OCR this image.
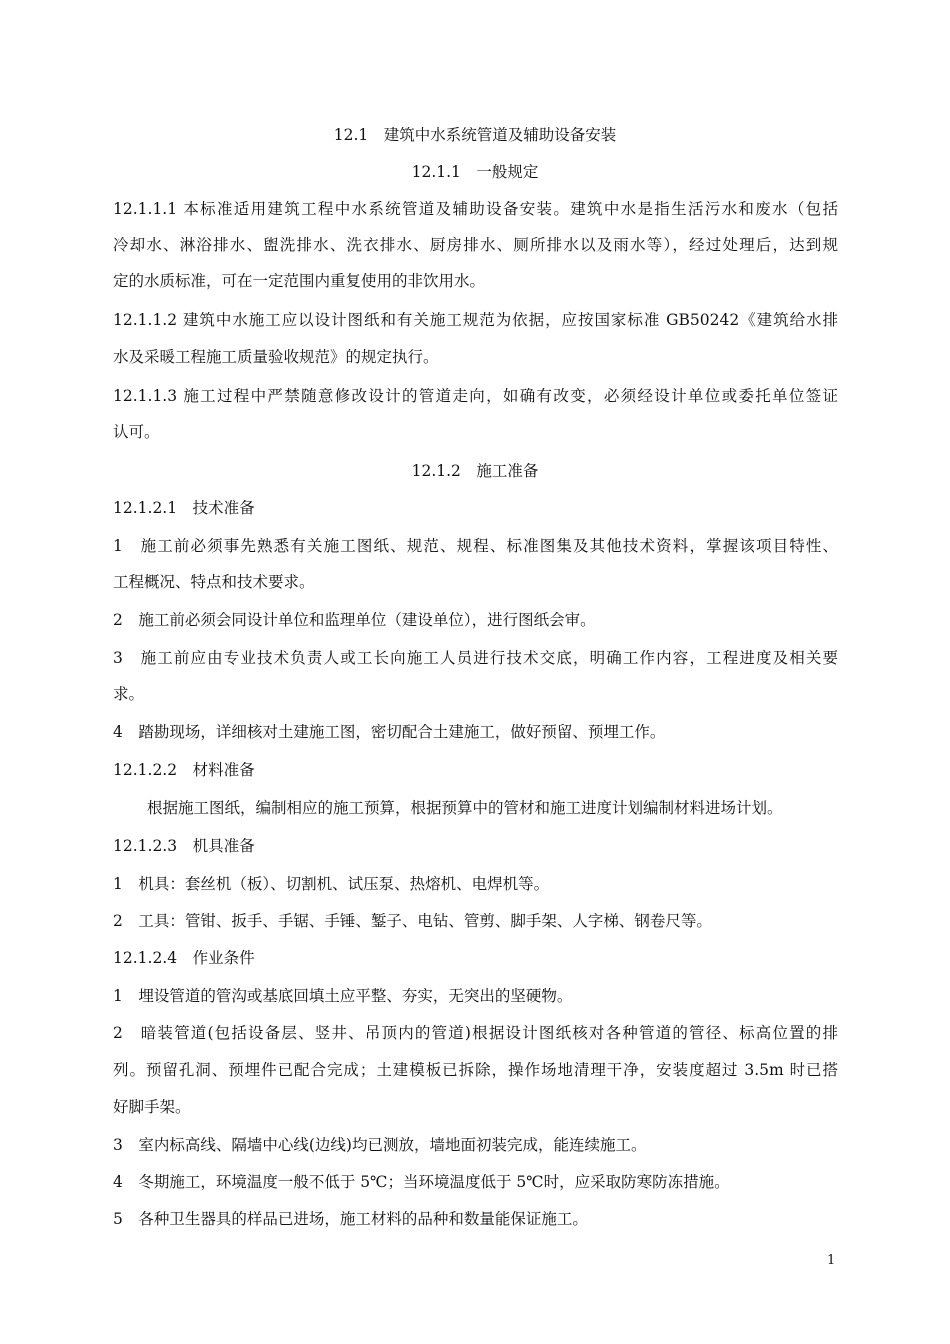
12.1　建筑中水系统管道及辅助设备安装
12.1.1　一般规定
12.1.1.1 本标准适用建筑工程中水系统管道及辅助设备安装。建筑中水是指生活污水和废水（包括
冷却水、淋浴排水、盥洗排水、洗衣排水、厨房排水、厕所排水以及雨水等），经过处理后，达到规
定的水质标准，可在一定范围内重复使用的非饮用水。
12.1.1.2 建筑中水施工应以设计图纸和有关施工规范为依据，应按国家标准 GB50242《建筑给水排
水及采暖工程施工质量验收规范》的规定执行。
12.1.1.3 施工过程中严禁随意修改设计的管道走向，如确有改变，必须经设计单位或委托单位签证
认可。
12.1.2　施工准备
12.1.2.1　技术准备
1　施工前必须事先熟悉有关施工图纸、规范、规程、标准图集及其他技术资料，掌握该项目特性、
工程概况、特点和技术要求。
2　施工前必须会同设计单位和监理单位（建设单位），进行图纸会审。
3　施工前应由专业技术负责人或工长向施工人员进行技术交底，明确工作内容，工程进度及相关要
求。
4　踏勘现场，详细核对土建施工图，密切配合土建施工，做好预留、预埋工作。
12.1.2.2　材料准备
根据施工图纸，编制相应的施工预算，根据预算中的管材和施工进度计划编制材料进场计划。
12.1.2.3　机具准备
1　机具：套丝机（板）、切割机、试压泵、热熔机、电焊机等。
2　工具：管钳、扳手、手锯、手锤、錾子、电钻、管剪、脚手架、人字梯、钢卷尺等。
12.1.2.4　作业条件
1　埋设管道的管沟或基底回填土应平整、夯实，无突出的坚硬物。
2　暗装管道(包括设备层、竖井、吊顶内的管道)根据设计图纸核对各种管道的管径、标高位置的排
列。预留孔洞、预埋件已配合完成；土建模板已拆除，操作场地清理干净，安装度超过 3.5m 时已搭
好脚手架。
3　室内标高线、隔墙中心线(边线)均已测放，墙地面初装完成，能连续施工。
4　冬期施工，环境温度一般不低于 5℃；当环境温度低于 5℃时，应采取防寒防冻措施。
5　各种卫生器具的样品已进场，施工材料的品种和数量能保证施工。
1
